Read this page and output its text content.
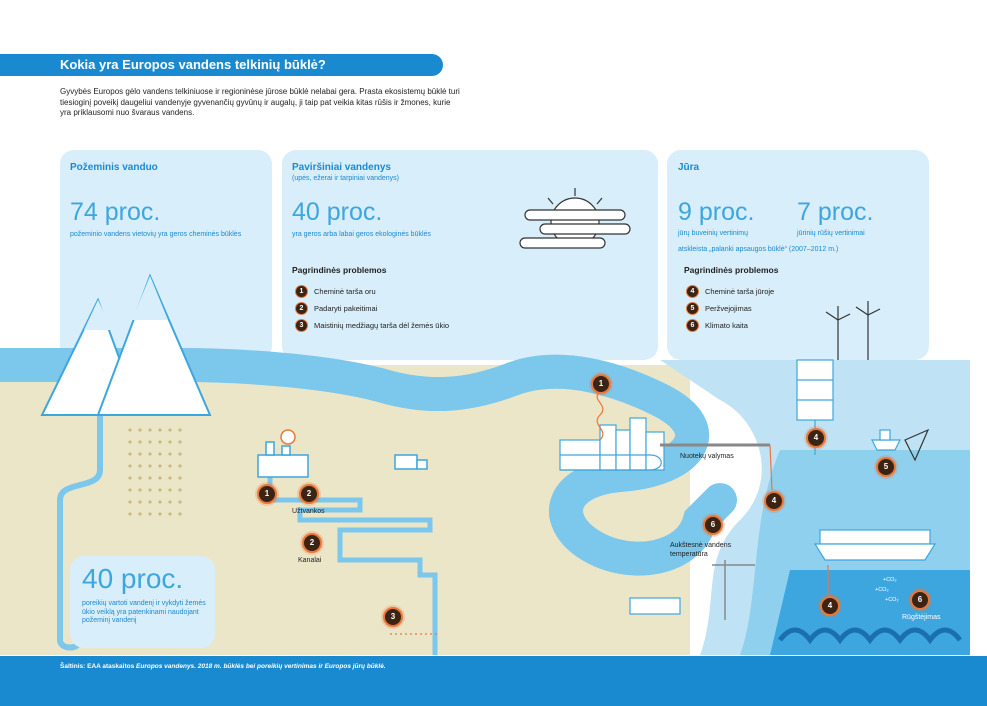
Kokia yra Europos vandens telkinių būklė?
Gyvybės Europos gėlo vandens telkiniuose ir regioninėse jūrose būklė nelabai gera. Prasta ekosistemų būklė turi tiesioginį poveikį daugeliui vandenyje gyvenančių gyvūnų ir augalų, ji taip pat veikia kitas rūšis ir žmones, kurie yra priklausomi nuo švaraus vandens.
Požeminis vanduo
74 proc.
požeminio vandens vietovių yra geros cheminės būklės
Paviršiniai vandenys
(upės, ežerai ir tarpiniai vandenys)
40 proc.
yra geros arba labai geros ekologinės būklės
Pagrindinės problemos
1	Cheminė tarša oru
2	Padaryti pakeitimai
3	Maistinių medžiagų tarša dėl žemės ūkio
Jūra
9 proc.
jūrų buveinių vertinimų
7 proc.
jūrinių rūšių vertinimai
atskleista „palanki apsaugos būklė“ (2007–2012 m.)
Pagrindinės problemos
4	Cheminė tarša jūroje
5	Peržvejojimas
6	Klimato kaita
40 proc.
poreikių vartoti vandenį ir vykdyti žemės ūkio veiklą yra patenkinami naudojant požeminį vandenį
Užtvankos
Kanalai
Nuotekų valymas
Aukštesnė vandens temperatūra
Rūgštėjimas
+CO₂
+CO₂
+CO₂
1
1	2
2
3
4
4
4
5
6
6
Šaltinis: EAA ataskaitos Europos vandenys. 2018 m. būklės bei poreikių vertinimas ir Europos jūrų būklė.
